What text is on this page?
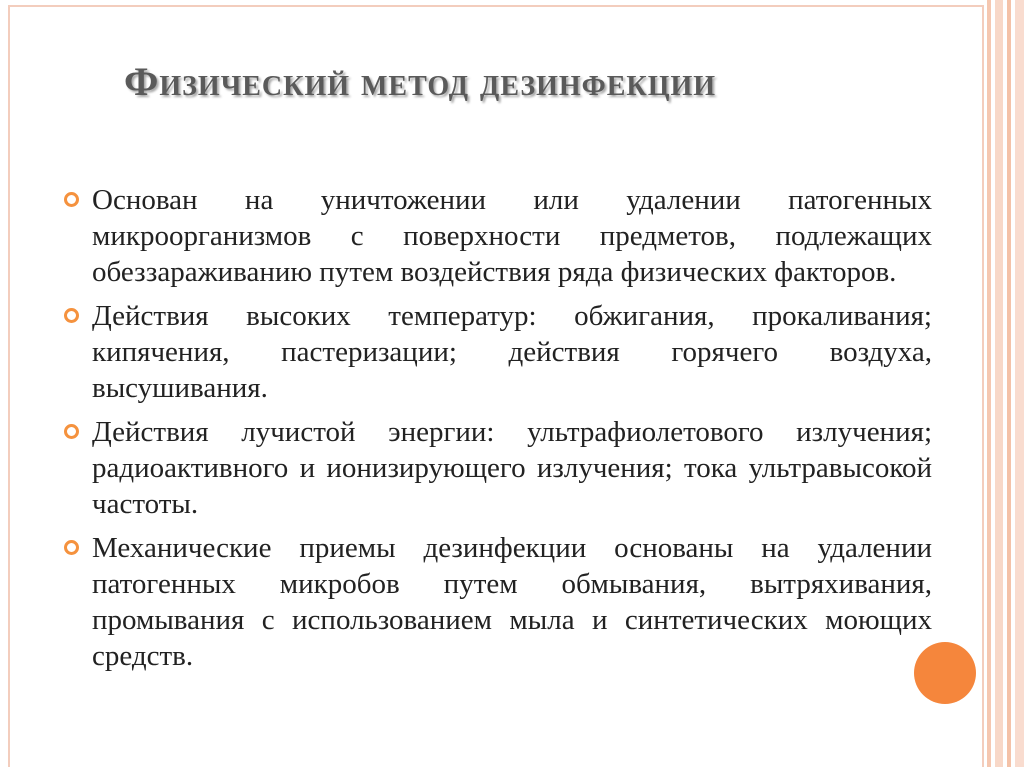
Физический метод дезинфекции
Основан на уничтожении или удалении патогенных микроорганизмов с поверхности предметов, подлежащих обеззараживанию путем воздействия ряда физических факторов.
Действия высоких температур: обжигания, прокаливания; кипячения, пастеризации; действия горячего воздуха, высушивания.
Действия лучистой энергии: ультрафиолетового излучения; радиоактивного и ионизирующего излучения; тока ультравысокой частоты.
Механические приемы дезинфекции основаны на удалении патогенных микробов путем обмывания, вытряхивания, промывания с использованием мыла и синтетических моющих средств.
